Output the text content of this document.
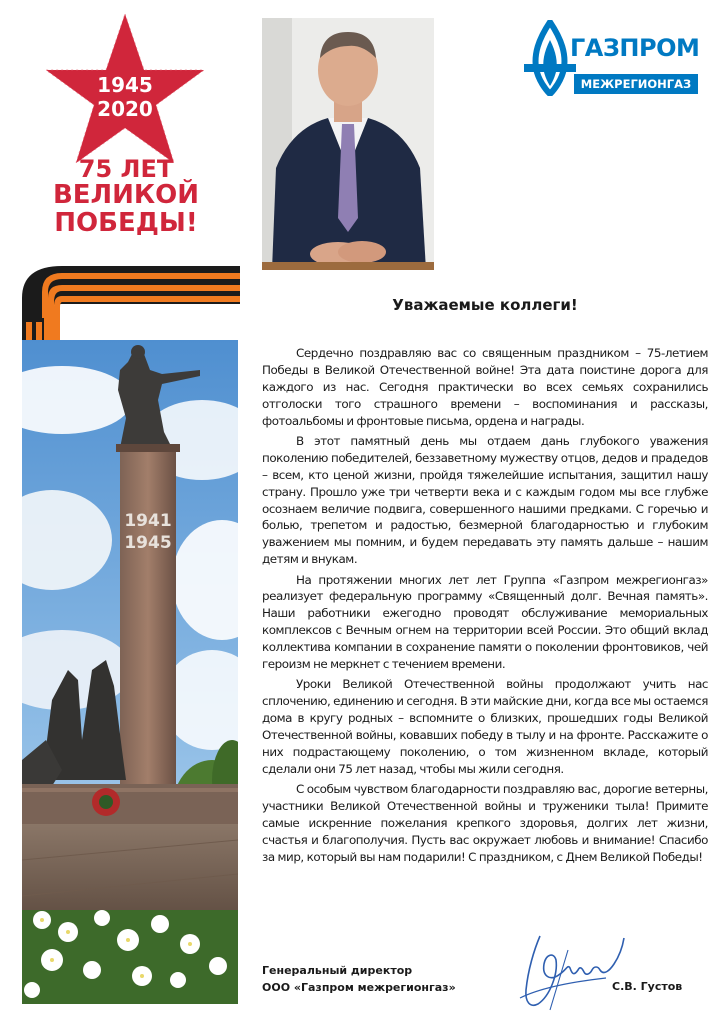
1945
2020
75 ЛЕТ
ВЕЛИКОЙ
ПОБЕДЫ!
1941
1945
ГАЗПРОМ
МЕЖРЕГИОНГАЗ
Уважаемые коллеги!

Сердечно поздравляю вас со священным праздником – 75-летием Победы в Великой Отечественной войне! Эта дата поистине дорога для каждого из нас. Сегодня практически во всех семьях сохранились отголоски того страшного времени – воспоминания и рассказы, фотоальбомы и фронтовые письма, ордена и награды.

В этот памятный день мы отдаем дань глубокого уважения поколению победителей, беззаветному мужеству отцов, дедов и прадедов – всем, кто ценой жизни, пройдя тяжелейшие испытания, защитил нашу страну. Прошло уже три четверти века и с каждым годом мы все глубже осознаем величие подвига, совершенного нашими предками. С горечью и болью, трепетом и радостью, безмерной благодарностью и глубоким уважением мы помним, и будем передавать эту память дальше – нашим детям и внукам.

На протяжении многих лет лет Группа «Газпром межрегионгаз» реализует федеральную программу «Священный долг. Вечная память». Наши работники ежегодно проводят обслуживание мемориальных комплексов с Вечным огнем на территории всей России. Это общий вклад коллектива компании в сохранение памяти о поколении фронтовиков, чей героизм не меркнет с течением времени.

Уроки Великой Отечественной войны продолжают учить нас сплочению, единению и сегодня. В эти майские дни, когда все мы остаемся дома в кругу родных – вспомните о близких, прошедших годы Великой Отечественной войны, ковавших победу в тылу и на фронте. Расскажите о них подрастающему поколению, о том жизненном вкладе, который сделали они 75 лет назад, чтобы мы жили сегодня.

С особым чувством благодарности поздравляю вас, дорогие ветерны, участники Великой Отечественной войны и труженики тыла! Примите самые искренние пожелания крепкого здоровья, долгих лет жизни, счастья и благополучия. Пусть вас окружает любовь и внимание! Спасибо за мир, который вы нам подарили! С праздником, с Днем Великой Победы!

Генеральный директор
ООО «Газпром межрегионгаз»	С.В. Густов
